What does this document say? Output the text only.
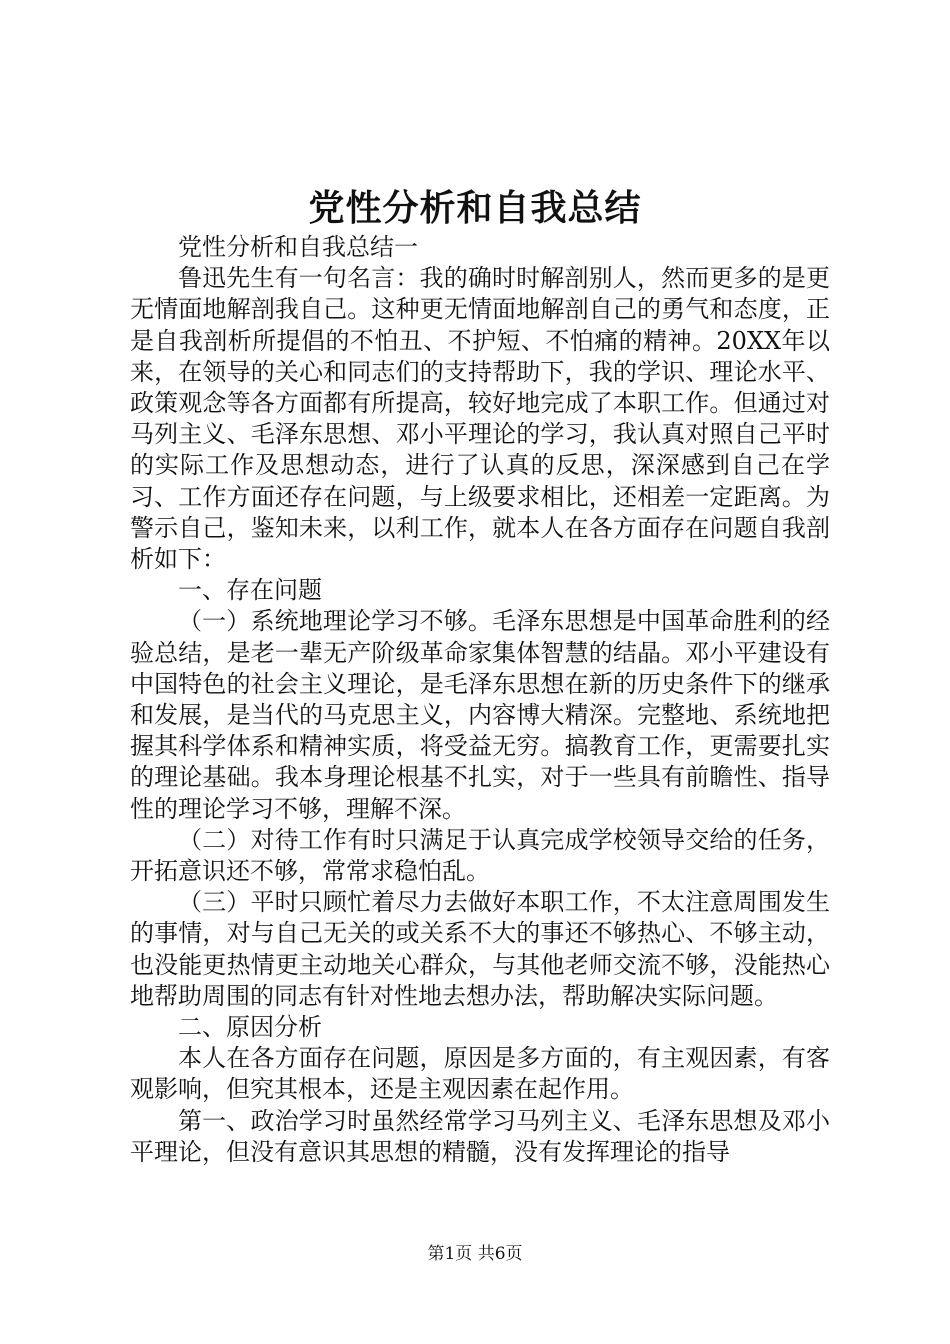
党性分析和自我总结

党性分析和自我总结一

鲁迅先生有一句名言：我的确时时解剖别人，然而更多的是更无情面地解剖我自己。这种更无情面地解剖自己的勇气和态度，正是自我剖析所提倡的不怕丑、不护短、不怕痛的精神。20XX年以来，在领导的关心和同志们的支持帮助下，我的学识、理论水平、政策观念等各方面都有所提高，较好地完成了本职工作。但通过对马列主义、毛泽东思想、邓小平理论的学习，我认真对照自己平时的实际工作及思想动态，进行了认真的反思，深深感到自己在学习、工作方面还存在问题，与上级要求相比，还相差一定距离。为警示自己，鉴知未来，以利工作，就本人在各方面存在问题自我剖析如下：

一、存在问题

（一）系统地理论学习不够。毛泽东思想是中国革命胜利的经验总结，是老一辈无产阶级革命家集体智慧的结晶。邓小平建设有中国特色的社会主义理论，是毛泽东思想在新的历史条件下的继承和发展，是当代的马克思主义，内容博大精深。完整地、系统地把握其科学体系和精神实质，将受益无穷。搞教育工作，更需要扎实的理论基础。我本身理论根基不扎实，对于一些具有前瞻性、指导性的理论学习不够，理解不深。

（二）对待工作有时只满足于认真完成学校领导交给的任务，开拓意识还不够，常常求稳怕乱。

（三）平时只顾忙着尽力去做好本职工作，不太注意周围发生的事情，对与自己无关的或关系不大的事还不够热心、不够主动，也没能更热情更主动地关心群众，与其他老师交流不够，没能热心地帮助周围的同志有针对性地去想办法，帮助解决实际问题。

二、原因分析

本人在各方面存在问题，原因是多方面的，有主观因素，有客观影响，但究其根本，还是主观因素在起作用。

第一、政治学习时虽然经常学习马列主义、毛泽东思想及邓小平理论，但没有意识其思想的精髓，没有发挥理论的指导

第1页 共6页
